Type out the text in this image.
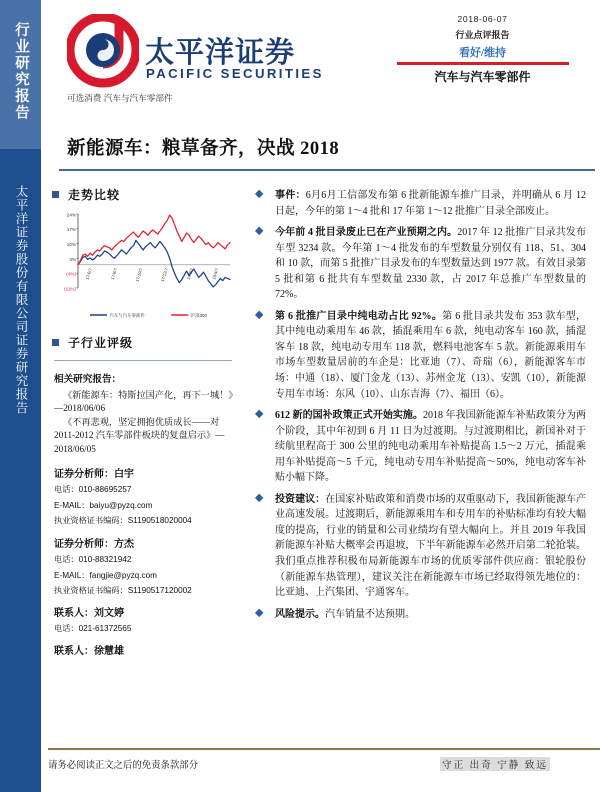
行业研究报告
太平洋证券股份有限公司证券研究报告
太平洋证券
PACIFIC SECURITIES
2018-06-07
行业点评报告
看好/维持
汽车与汽车零部件
可选消费 汽车与汽车零部件
新能源车：粮草备齐，决战 2018
走势比较
24%
17%
10%
3%
(4%)
(11%)
17/6/7	17/8/7	17/10/7	17/12/7	18/2/7	18/4/7
汽车与汽车零部件	沪深300
子行业评级
相关研究报告：
《新能源车：特斯拉国产化，再下一城！》—2018/06/06
《不再悲观，坚定拥抱优质成长——对 2011-2012 汽车零部件板块的复盘启示》—2018/06/05
证券分析师：白宇
电话：010-88695257
E-MAIL：baiyu@pyzq.com
执业资格证书编码：S1190518020004
证券分析师：方杰
电话：010-88321942
E-MAIL：fangjie@pyzq.com
执业资格证书编码：S1190517120002
联系人：刘文婷
电话：021-61372565
联系人：徐慧雄
事件：6月6月工信部发布第 6 批新能源车推广目录，并明确从 6 月 12 日起，今年的第 1～4 批和 17 年第 1～12 批推广目录全部废止。
今年前 4 批目录废止已在产业预期之内。2017 年 12 批推广目录共发布车型 3234 款。今年第 1～4 批发布的车型数量分别仅有 118、51、304 和 10 款，而第 5 批推广目录发布的车型数量达到 1977 款。有效目录第 5 批和第 6 批共有车型数量 2330 款，占 2017 年总推广车型数量的 72%。
第 6 批推广目录中纯电动占比 92%。第 6 批目录共发布 353 款车型，其中纯电动乘用车 46 款，插混乘用车 6 款，纯电动客车 160 款，插混客车 18 款，纯电动专用车 118 款，燃料电池客车 5 款。新能源乘用车市场车型数量居前的车企是：比亚迪（7）、奇瑞（6），新能源客车市场：中通（18）、厦门金龙（13）、苏州金龙（13）、安凯（10），新能源专用车市场：东风（10）、山东吉海（7）、福田（6）。
612 新的国补政策正式开始实施。2018 年我国新能源车补贴政策分为两个阶段，其中年初到 6 月 11 日为过渡期。与过渡期相比，新国补对于续航里程高于 300 公里的纯电动乘用车补贴提高 1.5～2 万元，插混乘用车补贴提高～5 千元，纯电动专用车补贴提高～50%，纯电动客车补贴小幅下降。
投资建议：在国家补贴政策和消费市场的双重驱动下，我国新能源车产业高速发展。过渡期后，新能源乘用车和专用车的补贴标准均有较大幅度的提高，行业的销量和公司业绩均有望大幅向上。并且 2019 年我国新能源车补贴大概率会再退坡，下半年新能源车必然开启第二轮抢装。我们重点推荐积极布局新能源车市场的优质零部件供应商：银轮股份（新能源车热管理），建议关注在新能源车市场已经取得领先地位的：比亚迪、上汽集团、宇通客车。
风险提示。汽车销量不达预期。
请务必阅读正文之后的免责条款部分	守正 出奇 宁静 致远
